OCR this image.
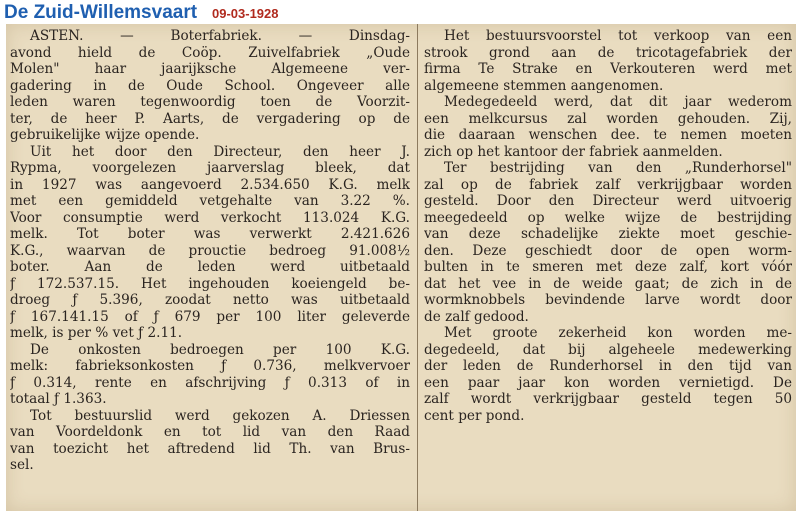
De Zuid-Willemsvaart 09-03-1928
ASTEN. — Boterfabriek. — Dinsdag-
avond hield de Coöp. Zuivelfabriek „Oude
Molen" haar jaarijksche Algemeene ver-
gadering in de Oude School. Ongeveer alle
leden waren tegenwoordig toen de Voorzit-
ter, de heer P. Aarts, de vergadering op de
gebruikelijke wijze opende.
Uit het door den Directeur, den heer J.
Rypma, voorgelezen jaarverslag bleek, dat
in 1927 was aangevoerd 2.534.650 K.G. melk
met een gemiddeld vetgehalte van 3.22 %.
Voor consumptie werd verkocht 113.024 K.G.
melk. Tot boter was verwerkt 2.421.626
K.G., waarvan de prouctie bedroeg 91.008½
boter. Aan de leden werd uitbetaald
ƒ 172.537.15. Het ingehouden koeiengeld be-
droeg ƒ 5.396, zoodat netto was uitbetaald
ƒ 167.141.15 of ƒ 679 per 100 liter geleverde
melk, is per % vet ƒ 2.11.
De onkosten bedroegen per 100 K.G.
melk: fabrieksonkosten ƒ 0.736, melkvervoer
ƒ 0.314, rente en afschrijving ƒ 0.313 of in
totaal ƒ 1.363.
Tot bestuurslid werd gekozen A. Driessen
van Voordeldonk en tot lid van den Raad
van toezicht het aftredend lid Th. van Brus-
sel.
Het bestuursvoorstel tot verkoop van een
strook grond aan de tricotagefabriek der
firma Te Strake en Verkouteren werd met
algemeene stemmen aangenomen.
Medegedeeld werd, dat dit jaar wederom
een melkcursus zal worden gehouden. Zij,
die daaraan wenschen dee. te nemen moeten
zich op het kantoor der fabriek aanmelden.
Ter bestrijding van den „Runderhorsel"
zal op de fabriek zalf verkrijgbaar worden
gesteld. Door den Directeur werd uitvoerig
meegedeeld op welke wijze de bestrijding
van deze schadelijke ziekte moet geschie-
den. Deze geschiedt door de open worm-
bulten in te smeren met deze zalf, kort vóór
dat het vee in de weide gaat; de zich in de
wormknobbels bevindende larve wordt door
de zalf gedood.
Met groote zekerheid kon worden me-
degedeeld, dat bij algeheele medewerking
der leden de Runderhorsel in den tijd van
een paar jaar kon worden vernietigd. De
zalf wordt verkrijgbaar gesteld tegen 50
cent per pond.
